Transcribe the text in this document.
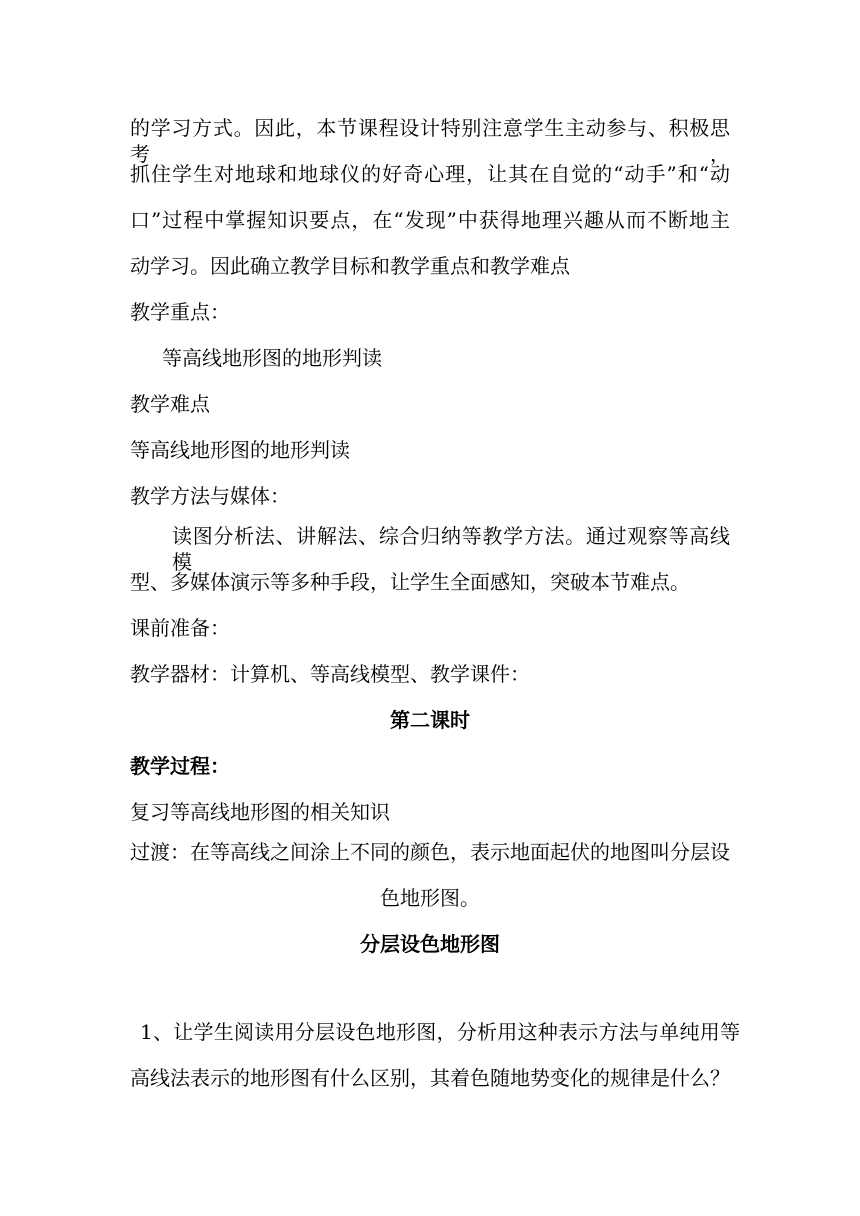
的学习方式。因此，本节课程设计特别注意学生主动参与、积极思考，
抓住学生对地球和地球仪的好奇心理，让其在自觉的“动手”和“动
口”过程中掌握知识要点，在“发现”中获得地理兴趣从而不断地主
动学习。因此确立教学目标和教学重点和教学难点
教学重点：
等高线地形图的地形判读
教学难点
等高线地形图的地形判读
教学方法与媒体：
读图分析法、讲解法、综合归纳等教学方法。通过观察等高线模
型、多媒体演示等多种手段，让学生全面感知，突破本节难点。
课前准备：
教学器材：计算机、等高线模型、教学课件：
第二课时
教学过程：
复习等高线地形图的相关知识
过渡：在等高线之间涂上不同的颜色，表示地面起伏的地图叫分层设
色地形图。
分层设色地形图
1、让学生阅读用分层设色地形图，分析用这种表示方法与单纯用等
高线法表示的地形图有什么区别，其着色随地势变化的规律是什么？
